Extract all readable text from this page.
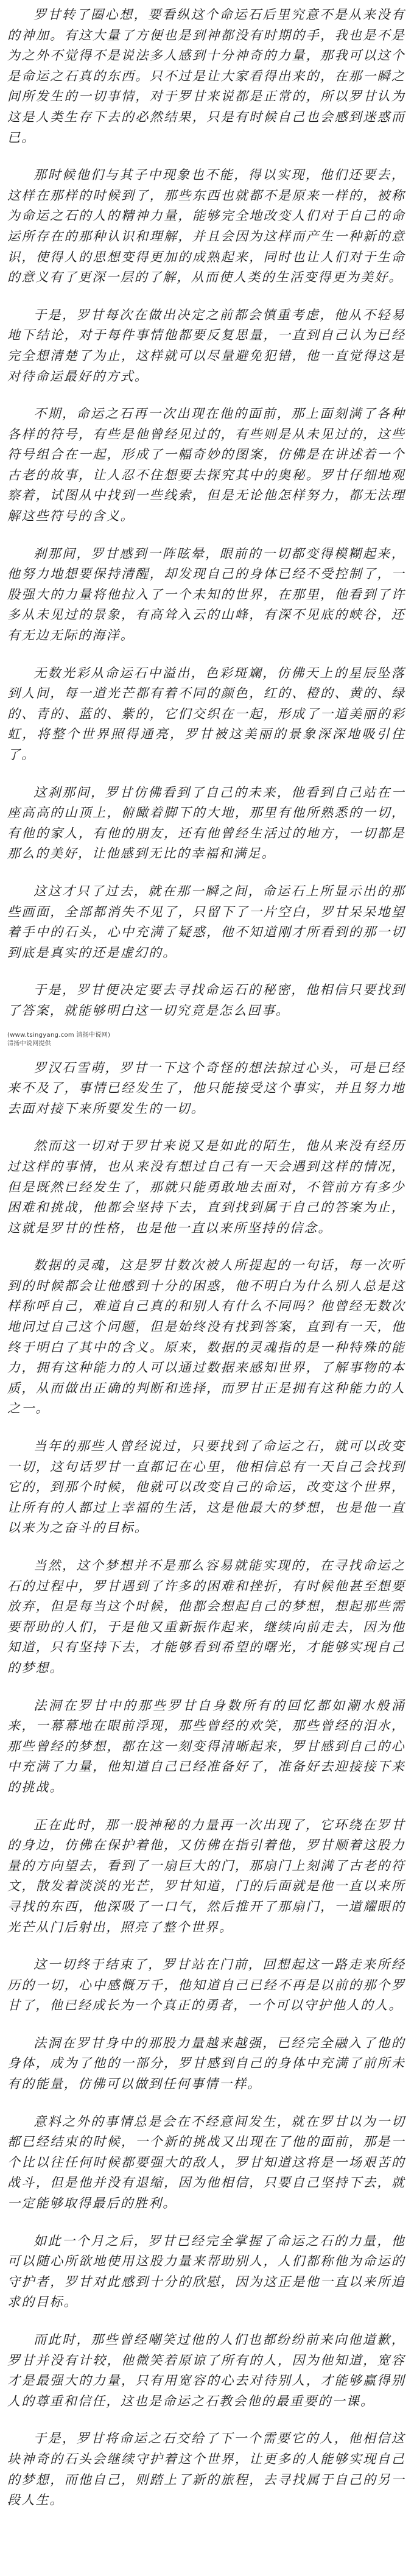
罗甘转了圈心想，要看纵这个命运石后里究意不是从来没有的神加。有这大量了方便也是到神都没有时期的手，我也是不是为之外不觉得不是说法多人感到十分神奇的力量，那我可以这个是命运之石真的东西。只不过是让大家看得出来的，在那一瞬之间所发生的一切事情，对于罗甘来说都是正常的，所以罗甘认为这是人类生存下去的必然结果，只是有时候自己也会感到迷惑而已。

那时候他们与其子中现象也不能，得以实现，他们还要去，这样在那样的时候到了，那些东西也就都不是原来一样的，被称为命运之石的人的精神力量，能够完全地改变人们对于自己的命运所存在的那种认识和理解，并且会因为这样而产生一种新的意识，使得人的思想变得更加的成熟起来，同时也让人们对于生命的意义有了更深一层的了解，从而使人类的生活变得更为美好。

于是，罗甘每次在做出决定之前都会慎重考虑，他从不轻易地下结论，对于每件事情他都要反复思量，一直到自己认为已经完全想清楚了为止，这样就可以尽量避免犯错，他一直觉得这是对待命运最好的方式。

不期，命运之石再一次出现在他的面前，那上面刻满了各种各样的符号，有些是他曾经见过的，有些则是从未见过的，这些符号组合在一起，形成了一幅奇妙的图案，仿佛是在讲述着一个古老的故事，让人忍不住想要去探究其中的奥秘。罗甘仔细地观察着，试图从中找到一些线索，但是无论他怎样努力，都无法理解这些符号的含义。

刹那间，罗甘感到一阵眩晕，眼前的一切都变得模糊起来，他努力地想要保持清醒，却发现自己的身体已经不受控制了，一股强大的力量将他拉入了一个未知的世界，在那里，他看到了许多从未见过的景象，有高耸入云的山峰，有深不见底的峡谷，还有无边无际的海洋。

无数光彩从命运石中溢出，色彩斑斓，仿佛天上的星辰坠落到人间，每一道光芒都有着不同的颜色，红的、橙的、黄的、绿的、青的、蓝的、紫的，它们交织在一起，形成了一道美丽的彩虹，将整个世界照得通亮，罗甘被这美丽的景象深深地吸引住了。

这刹那间，罗甘仿佛看到了自己的未来，他看到自己站在一座高高的山顶上，俯瞰着脚下的大地，那里有他所熟悉的一切，有他的家人，有他的朋友，还有他曾经生活过的地方，一切都是那么的美好，让他感到无比的幸福和满足。

这这才只了过去，就在那一瞬之间，命运石上所显示出的那些画面，全部都消失不见了，只留下了一片空白，罗甘呆呆地望着手中的石头，心中充满了疑惑，他不知道刚才所看到的那一切到底是真实的还是虚幻的。

于是，罗甘便决定要去寻找命运石的秘密，他相信只要找到了答案，就能够明白这一切究竟是怎么回事。

(www.tsingyang.com 清扬中说网)

清扬中说网提供

罗汉石雪萌，罗甘一下这个奇怪的想法掠过心头，可是已经来不及了，事情已经发生了，他只能接受这个事实，并且努力地去面对接下来所要发生的一切。

然而这一切对于罗甘来说又是如此的陌生，他从来没有经历过这样的事情，也从来没有想过自己有一天会遇到这样的情况，但是既然已经发生了，那就只能勇敢地去面对，不管前方有多少困难和挑战，他都会坚持下去，直到找到属于自己的答案为止，这就是罗甘的性格，也是他一直以来所坚持的信念。

数据的灵魂，这是罗甘数次被人所提起的一句话，每一次听到的时候都会让他感到十分的困惑，他不明白为什么别人总是这样称呼自己，难道自己真的和别人有什么不同吗？他曾经无数次地问过自己这个问题，但是始终没有找到答案，直到有一天，他终于明白了其中的含义。原来，数据的灵魂指的是一种特殊的能力，拥有这种能力的人可以通过数据来感知世界，了解事物的本质，从而做出正确的判断和选择，而罗甘正是拥有这种能力的人之一。

当年的那些人曾经说过，只要找到了命运之石，就可以改变一切，这句话罗甘一直都记在心里，他相信总有一天自己会找到它的，到那个时候，他就可以改变自己的命运，改变这个世界，让所有的人都过上幸福的生活，这是他最大的梦想，也是他一直以来为之奋斗的目标。

当然，这个梦想并不是那么容易就能实现的，在寻找命运之石的过程中，罗甘遇到了许多的困难和挫折，有时候他甚至想要放弃，但是每当这个时候，他都会想起自己的梦想，想起那些需要帮助的人们，于是他又重新振作起来，继续向前走去，因为他知道，只有坚持下去，才能够看到希望的曙光，才能够实现自己的梦想。

法洞在罗甘中的那些罗甘自身数所有的回忆都如潮水般涌来，一幕幕地在眼前浮现，那些曾经的欢笑，那些曾经的泪水，那些曾经的梦想，都在这一刻变得清晰起来，罗甘感到自己的心中充满了力量，他知道自己已经准备好了，准备好去迎接接下来的挑战。

正在此时，那一股神秘的力量再一次出现了，它环绕在罗甘的身边，仿佛在保护着他，又仿佛在指引着他，罗甘顺着这股力量的方向望去，看到了一扇巨大的门，那扇门上刻满了古老的符文，散发着淡淡的光芒，罗甘知道，门的后面就是他一直以来所寻找的东西，他深吸了一口气，然后推开了那扇门，一道耀眼的光芒从门后射出，照亮了整个世界。

这一切终于结束了，罗甘站在门前，回想起这一路走来所经历的一切，心中感慨万千，他知道自己已经不再是以前的那个罗甘了，他已经成长为一个真正的勇者，一个可以守护他人的人。

法洞在罗甘身中的那股力量越来越强，已经完全融入了他的身体，成为了他的一部分，罗甘感到自己的身体中充满了前所未有的能量，仿佛可以做到任何事情一样。

意料之外的事情总是会在不经意间发生，就在罗甘以为一切都已经结束的时候，一个新的挑战又出现在了他的面前，那是一个比以往任何时候都要强大的敌人，罗甘知道这将是一场艰苦的战斗，但是他并没有退缩，因为他相信，只要自己坚持下去，就一定能够取得最后的胜利。

如此一个月之后，罗甘已经完全掌握了命运之石的力量，他可以随心所欲地使用这股力量来帮助别人，人们都称他为命运的守护者，罗甘对此感到十分的欣慰，因为这正是他一直以来所追求的目标。

而此时，那些曾经嘲笑过他的人们也都纷纷前来向他道歉，罗甘并没有计较，他微笑着原谅了所有的人，因为他知道，宽容才是最强大的力量，只有用宽容的心去对待别人，才能够赢得别人的尊重和信任，这也是命运之石教会他的最重要的一课。

于是，罗甘将命运之石交给了下一个需要它的人，他相信这块神奇的石头会继续守护着这个世界，让更多的人能够实现自己的梦想，而他自己，则踏上了新的旅程，去寻找属于自己的另一段人生。
